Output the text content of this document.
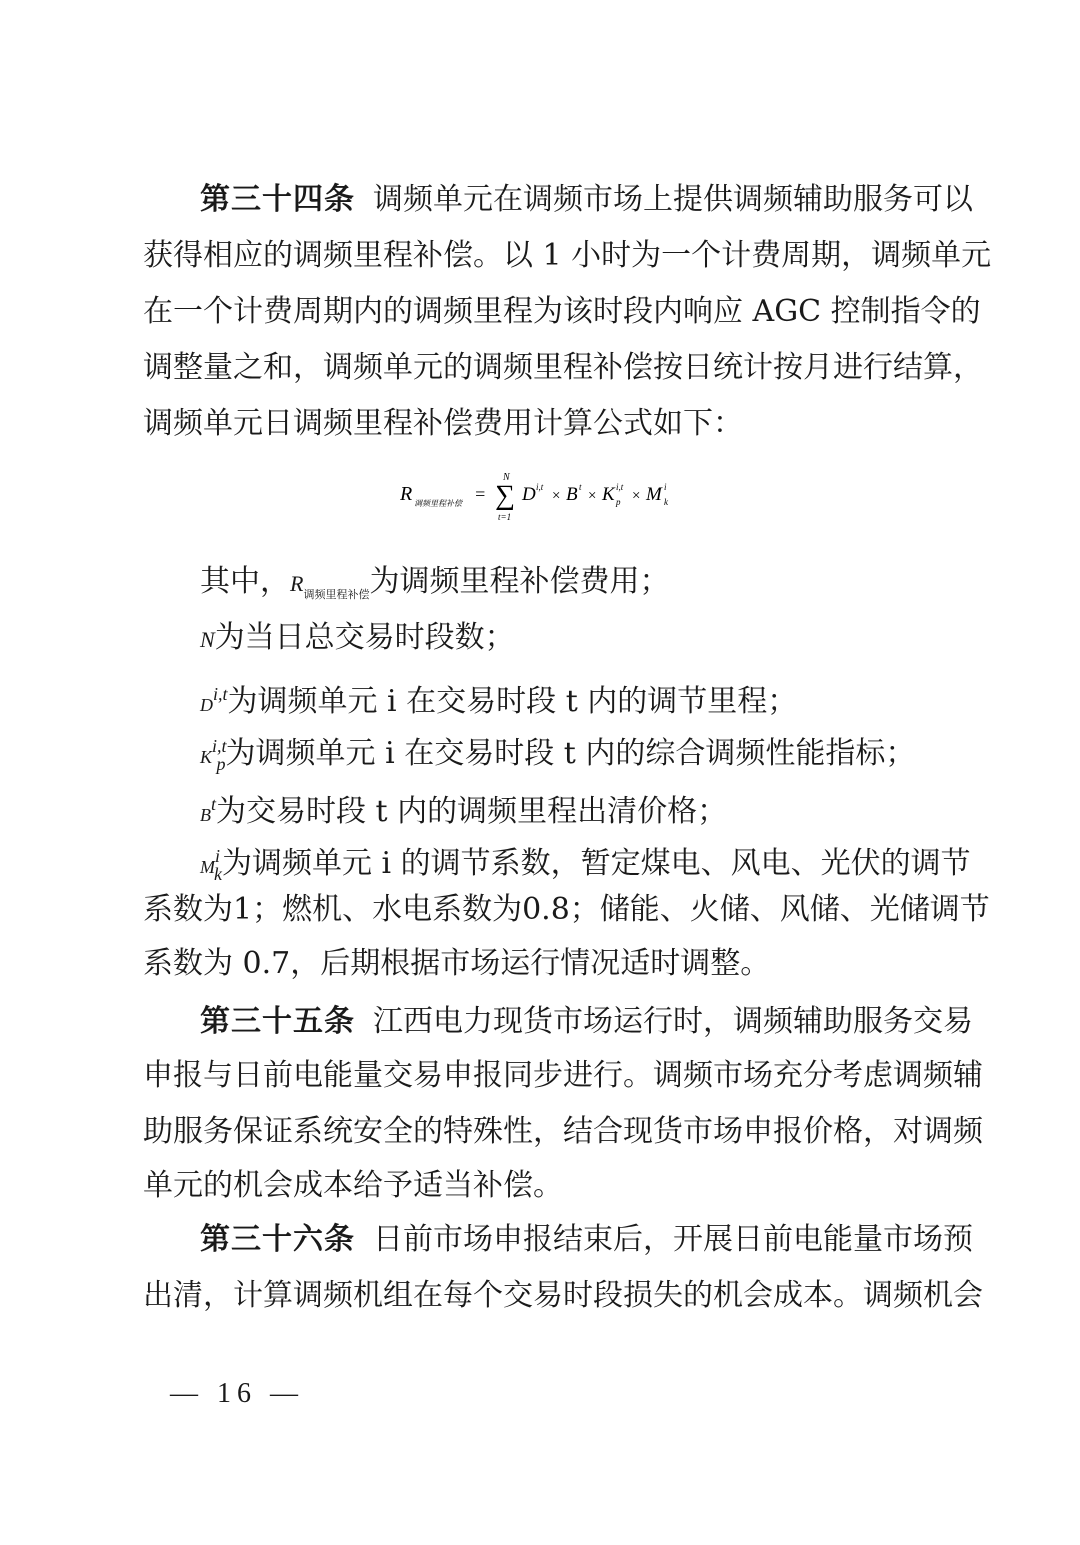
第三十四条 调频单元在调频市场上提供调频辅助服务可以
获得相应的调频里程补偿。以 1 小时为一个计费周期，调频单元
在一个计费周期内的调频里程为该时段内响应 AGC 控制指令的
调整量之和，调频单元的调频里程补偿按日统计按月进行结算，
调频单元日调频里程补偿费用计算公式如下：
R 调频里程补偿 =
N
∑
t=1
D i,t
× B t
× K i,t
p × M i
k
其中，$R_{调频里程补偿}$为调频里程补偿费用；
N为当日总交易时段数；
D$^{i,t}$为调频单元 i 在交易时段 t 内的调节里程；
K$^{i,t}_p$为调频单元 i 在交易时段 t 内的综合调频性能指标；
$B^t$为交易时段 t 内的调频里程出清价格；
$M^i_k$为调频单元 i 的调节系数，暂定煤电、风电、光伏的调节
系数为1；燃机、水电系数为0.8；储能、火储、风储、光储调节
系数为 0.7，后期根据市场运行情况适时调整。
第三十五条 江西电力现货市场运行时，调频辅助服务交易
申报与日前电能量交易申报同步进行。调频市场充分考虑调频辅
助服务保证系统安全的特殊性，结合现货市场申报价格，对调频
单元的机会成本给予适当补偿。
第三十六条 日前市场申报结束后，开展日前电能量市场预
出清，计算调频机组在每个交易时段损失的机会成本。调频机会
— 16 —
